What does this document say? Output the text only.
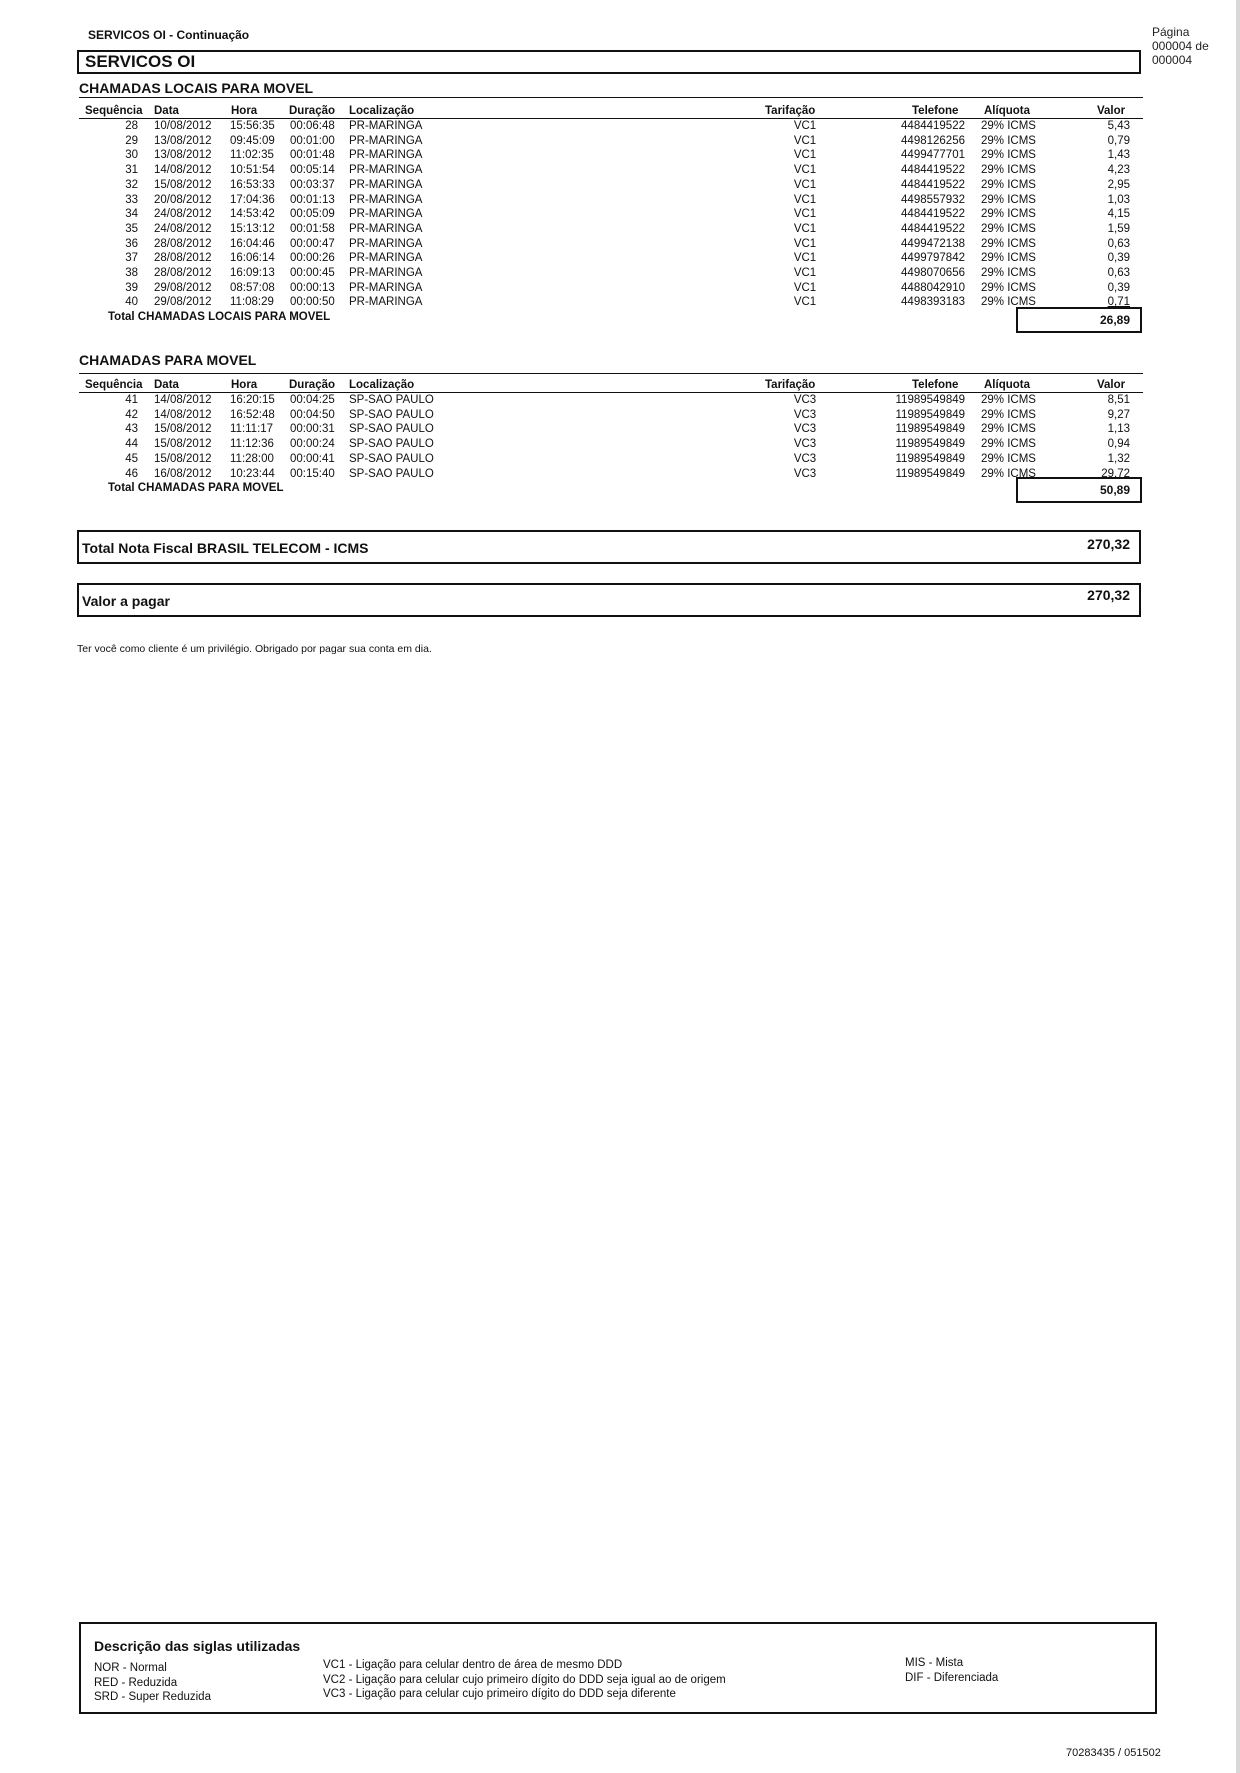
SERVICOS OI - Continuação	Página
000004 de
000004
SERVICOS OI
CHAMADAS LOCAIS PARA MOVEL
Sequência Data	Hora	Duração Localização	Tarifação	Telefone Alíquota	Valor
28 10/08/2012 15:56:35 00:06:48 PR-MARINGA	VC1	4484419522 29% ICMS	5,43
29 13/08/2012 09:45:09 00:01:00 PR-MARINGA	VC1	4498126256 29% ICMS	0,79
30 13/08/2012 11:02:35 00:01:48 PR-MARINGA	VC1	4499477701 29% ICMS	1,43
31 14/08/2012 10:51:54 00:05:14 PR-MARINGA	VC1	4484419522 29% ICMS	4,23
32 15/08/2012 16:53:33 00:03:37 PR-MARINGA	VC1	4484419522 29% ICMS	2,95
33 20/08/2012 17:04:36 00:01:13 PR-MARINGA	VC1	4498557932 29% ICMS	1,03
34 24/08/2012 14:53:42 00:05:09 PR-MARINGA	VC1	4484419522 29% ICMS	4,15
35 24/08/2012 15:13:12 00:01:58 PR-MARINGA	VC1	4484419522 29% ICMS	1,59
36 28/08/2012 16:04:46 00:00:47 PR-MARINGA	VC1	4499472138 29% ICMS	0,63
37 28/08/2012 16:06:14 00:00:26 PR-MARINGA	VC1	4499797842 29% ICMS	0,39
38 28/08/2012 16:09:13 00:00:45 PR-MARINGA	VC1	4498070656 29% ICMS	0,63
39 29/08/2012 08:57:08 00:00:13 PR-MARINGA	VC1	4488042910 29% ICMS	0,39
40 29/08/2012 11:08:29 00:00:50 PR-MARINGA	VC1	4498393183 29% ICMS	0,71
Total CHAMADAS LOCAIS PARA MOVEL	26,89
CHAMADAS PARA MOVEL
Sequência Data	Hora	Duração Localização	Tarifação	Telefone Alíquota	Valor
41 14/08/2012 16:20:15 00:04:25 SP-SAO PAULO	VC3	11989549849 29% ICMS	8,51
42 14/08/2012 16:52:48 00:04:50 SP-SAO PAULO	VC3	11989549849 29% ICMS	9,27
43 15/08/2012 11:11:17 00:00:31 SP-SAO PAULO	VC3	11989549849 29% ICMS	1,13
44 15/08/2012 11:12:36 00:00:24 SP-SAO PAULO	VC3	11989549849 29% ICMS	0,94
45 15/08/2012 11:28:00 00:00:41 SP-SAO PAULO	VC3	11989549849 29% ICMS	1,32
46 16/08/2012 10:23:44 00:15:40 SP-SAO PAULO	VC3	11989549849 29% ICMS	29,72
Total CHAMADAS PARA MOVEL	50,89
Total Nota Fiscal BRASIL TELECOM - ICMS	270,32
Valor a pagar	270,32
Ter você como cliente é um privilégio. Obrigado por pagar sua conta em dia.
Descrição das siglas utilizadas
NOR - Normal
RED - Reduzida
SRD - Super Reduzida
VC1 - Ligação para celular dentro de área de mesmo DDD
VC2 - Ligação para celular cujo primeiro dígito do DDD seja igual ao de origem
VC3 - Ligação para celular cujo primeiro dígito do DDD seja diferente
MIS - Mista
DIF - Diferenciada
70283435 / 051502
